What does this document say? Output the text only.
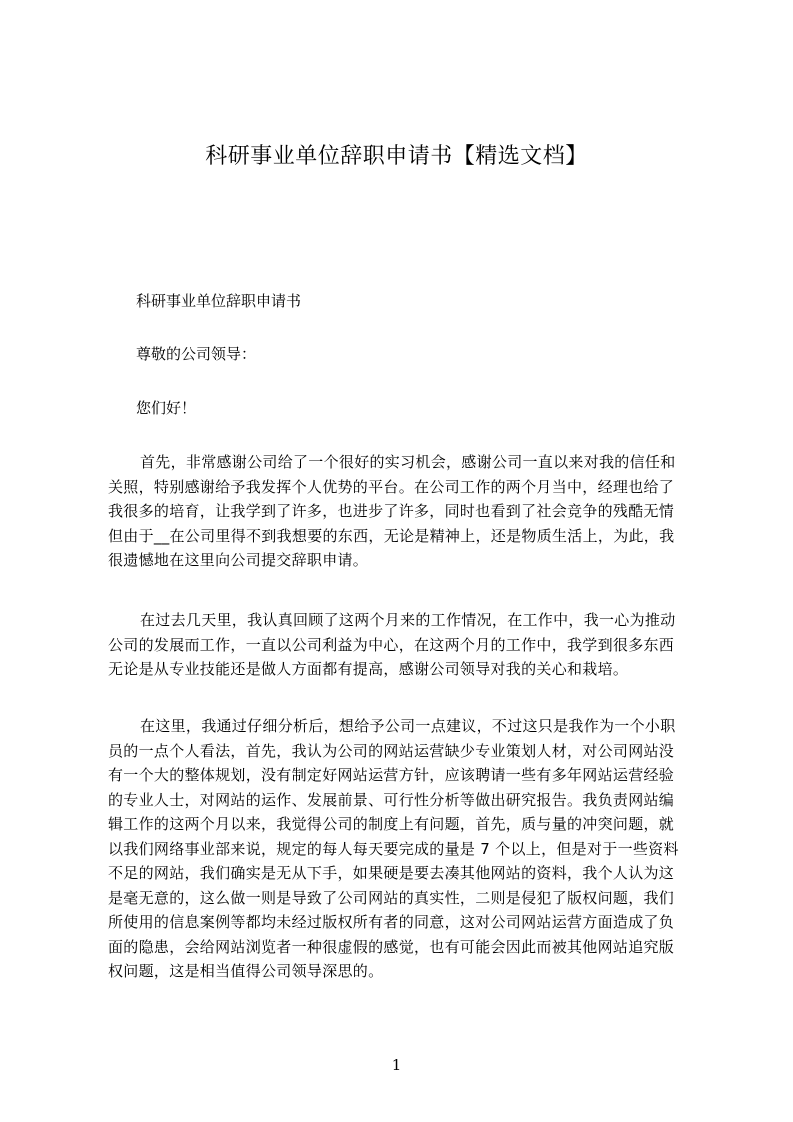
科研事业单位辞职申请书【精选文档】
科研事业单位辞职申请书
尊敬的公司领导：
您们好！
首先，非常感谢公司给了一个很好的实习机会，感谢公司一直以来对我的信任和
关照，特别感谢给予我发挥个人优势的平台。在公司工作的两个月当中，经理也给了
我很多的培育，让我学到了许多，也进步了许多，同时也看到了社会竞争的残酷无情
但由于__在公司里得不到我想要的东西，无论是精神上，还是物质生活上，为此，我
很遗憾地在这里向公司提交辞职申请。
在过去几天里，我认真回顾了这两个月来的工作情况，在工作中，我一心为推动
公司的发展而工作，一直以公司利益为中心，在这两个月的工作中，我学到很多东西
无论是从专业技能还是做人方面都有提高，感谢公司领导对我的关心和栽培。
在这里，我通过仔细分析后，想给予公司一点建议，不过这只是我作为一个小职
员的一点个人看法，首先，我认为公司的网站运营缺少专业策划人材，对公司网站没
有一个大的整体规划，没有制定好网站运营方针，应该聘请一些有多年网站运营经验
的专业人士，对网站的运作、发展前景、可行性分析等做出研究报告。我负责网站编
辑工作的这两个月以来，我觉得公司的制度上有问题，首先，质与量的冲突问题，就
以我们网络事业部来说，规定的每人每天要完成的量是 7 个以上，但是对于一些资料
不足的网站，我们确实是无从下手，如果硬是要去凑其他网站的资料，我个人认为这
是毫无意的，这么做一则是导致了公司网站的真实性，二则是侵犯了版权问题，我们
所使用的信息案例等都均未经过版权所有者的同意，这对公司网站运营方面造成了负
面的隐患，会给网站浏览者一种很虚假的感觉，也有可能会因此而被其他网站追究版
权问题，这是相当值得公司领导深思的。
1
